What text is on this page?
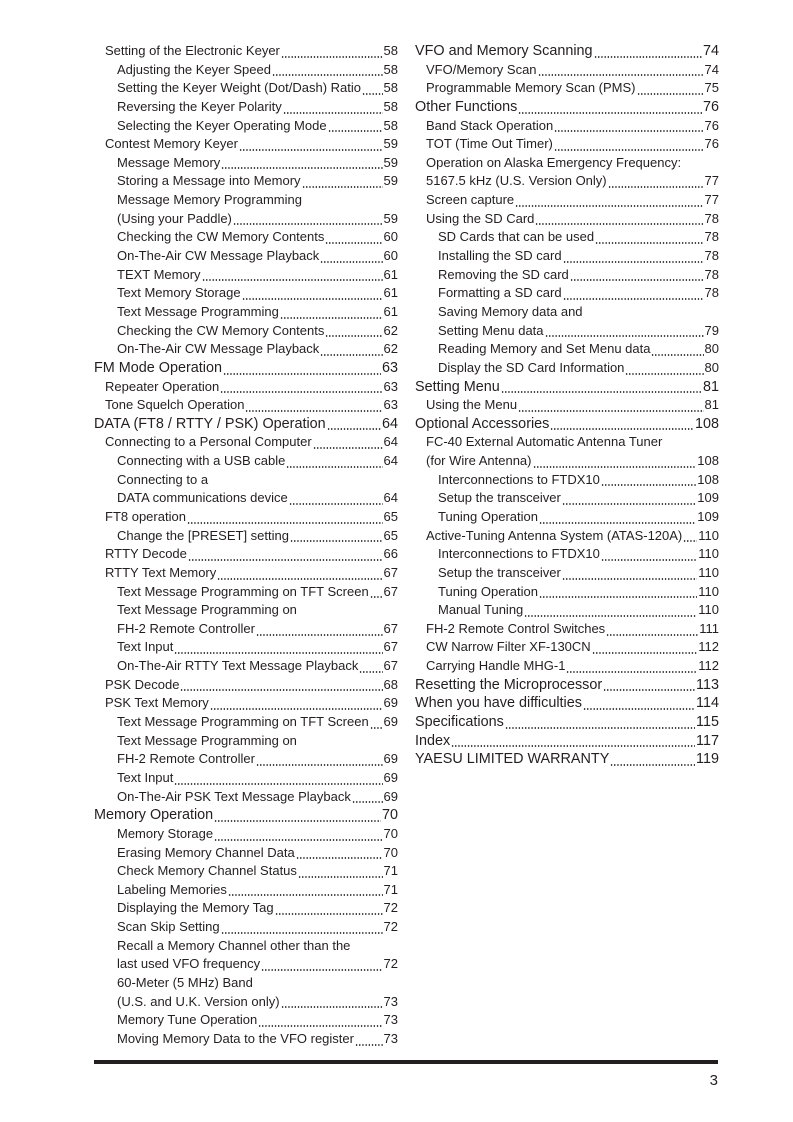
Setting of the Electronic Keyer	58
Adjusting the Keyer Speed	58
Setting the Keyer Weight (Dot/Dash) Ratio 58
Reversing the Keyer Polarity	58
Selecting the Keyer Operating Mode	58
Contest Memory Keyer	59
Message Memory	59
Storing a Message into Memory	59
Message Memory Programming
(Using your Paddle)	59
Checking the CW Memory Contents	60
On-The-Air CW Message Playback	60
TEXT Memory	61
Text Memory Storage	61
Text Message Programming	61
Checking the CW Memory Contents	62
On-The-Air CW Message Playback	62
FM Mode Operation	63
Repeater Operation	63
Tone Squelch Operation	63
DATA (FT8 / RTTY / PSK) Operation	64
Connecting to a Personal Computer	64
Connecting with a USB cable	64
Connecting to a
DATA communications device	64
FT8 operation	65
Change the [PRESET] setting	65
RTTY Decode	66
RTTY Text Memory	67
Text Message Programming on TFT Screen 67
Text Message Programming on
FH-2 Remote Controller	67
Text Input	67
On-The-Air RTTY Text Message Playback 67
PSK Decode	68
PSK Text Memory	69
Text Message Programming on TFT Screen 69
Text Message Programming on
FH-2 Remote Controller	69
Text Input	69
On-The-Air PSK Text Message Playback	69
Memory Operation	70
Memory Storage	70
Erasing Memory Channel Data	70
Check Memory Channel Status	71
Labeling Memories	71
Displaying the Memory Tag	72
Scan Skip Setting	72
Recall a Memory Channel other than the
last used VFO frequency	72
60-Meter (5 MHz) Band
(U.S. and U.K. Version only)	73
Memory Tune Operation	73
Moving Memory Data to the VFO register 73
VFO and Memory Scanning	74
VFO/Memory Scan	74
Programmable Memory Scan (PMS)	75
Other Functions	76
Band Stack Operation	76
TOT (Time Out Timer)	76
Operation on Alaska Emergency Frequency:
5167.5 kHz (U.S. Version Only)	77
Screen capture	77
Using the SD Card	78
SD Cards that can be used	78
Installing the SD card	78
Removing the SD card	78
Formatting a SD card	78
Saving Memory data and
Setting Menu data	79
Reading Memory and Set Menu data	80
Display the SD Card Information	80
Setting Menu	81
Using the Menu	81
Optional Accessories	108
FC-40 External Automatic Antenna Tuner
(for Wire Antenna)	108
Interconnections to FTDX10	108
Setup the transceiver	109
Tuning Operation	109
Active-Tuning Antenna System (ATAS-120A) 110
Interconnections to FTDX10	110
Setup the transceiver	110
Tuning Operation	110
Manual Tuning	110
FH-2 Remote Control Switches	111
CW Narrow Filter XF-130CN	112
Carrying Handle MHG-1	112
Resetting the Microprocessor	113
When you have difficulties	114
Specifications	115
Index	117
YAESU LIMITED WARRANTY	119
3
